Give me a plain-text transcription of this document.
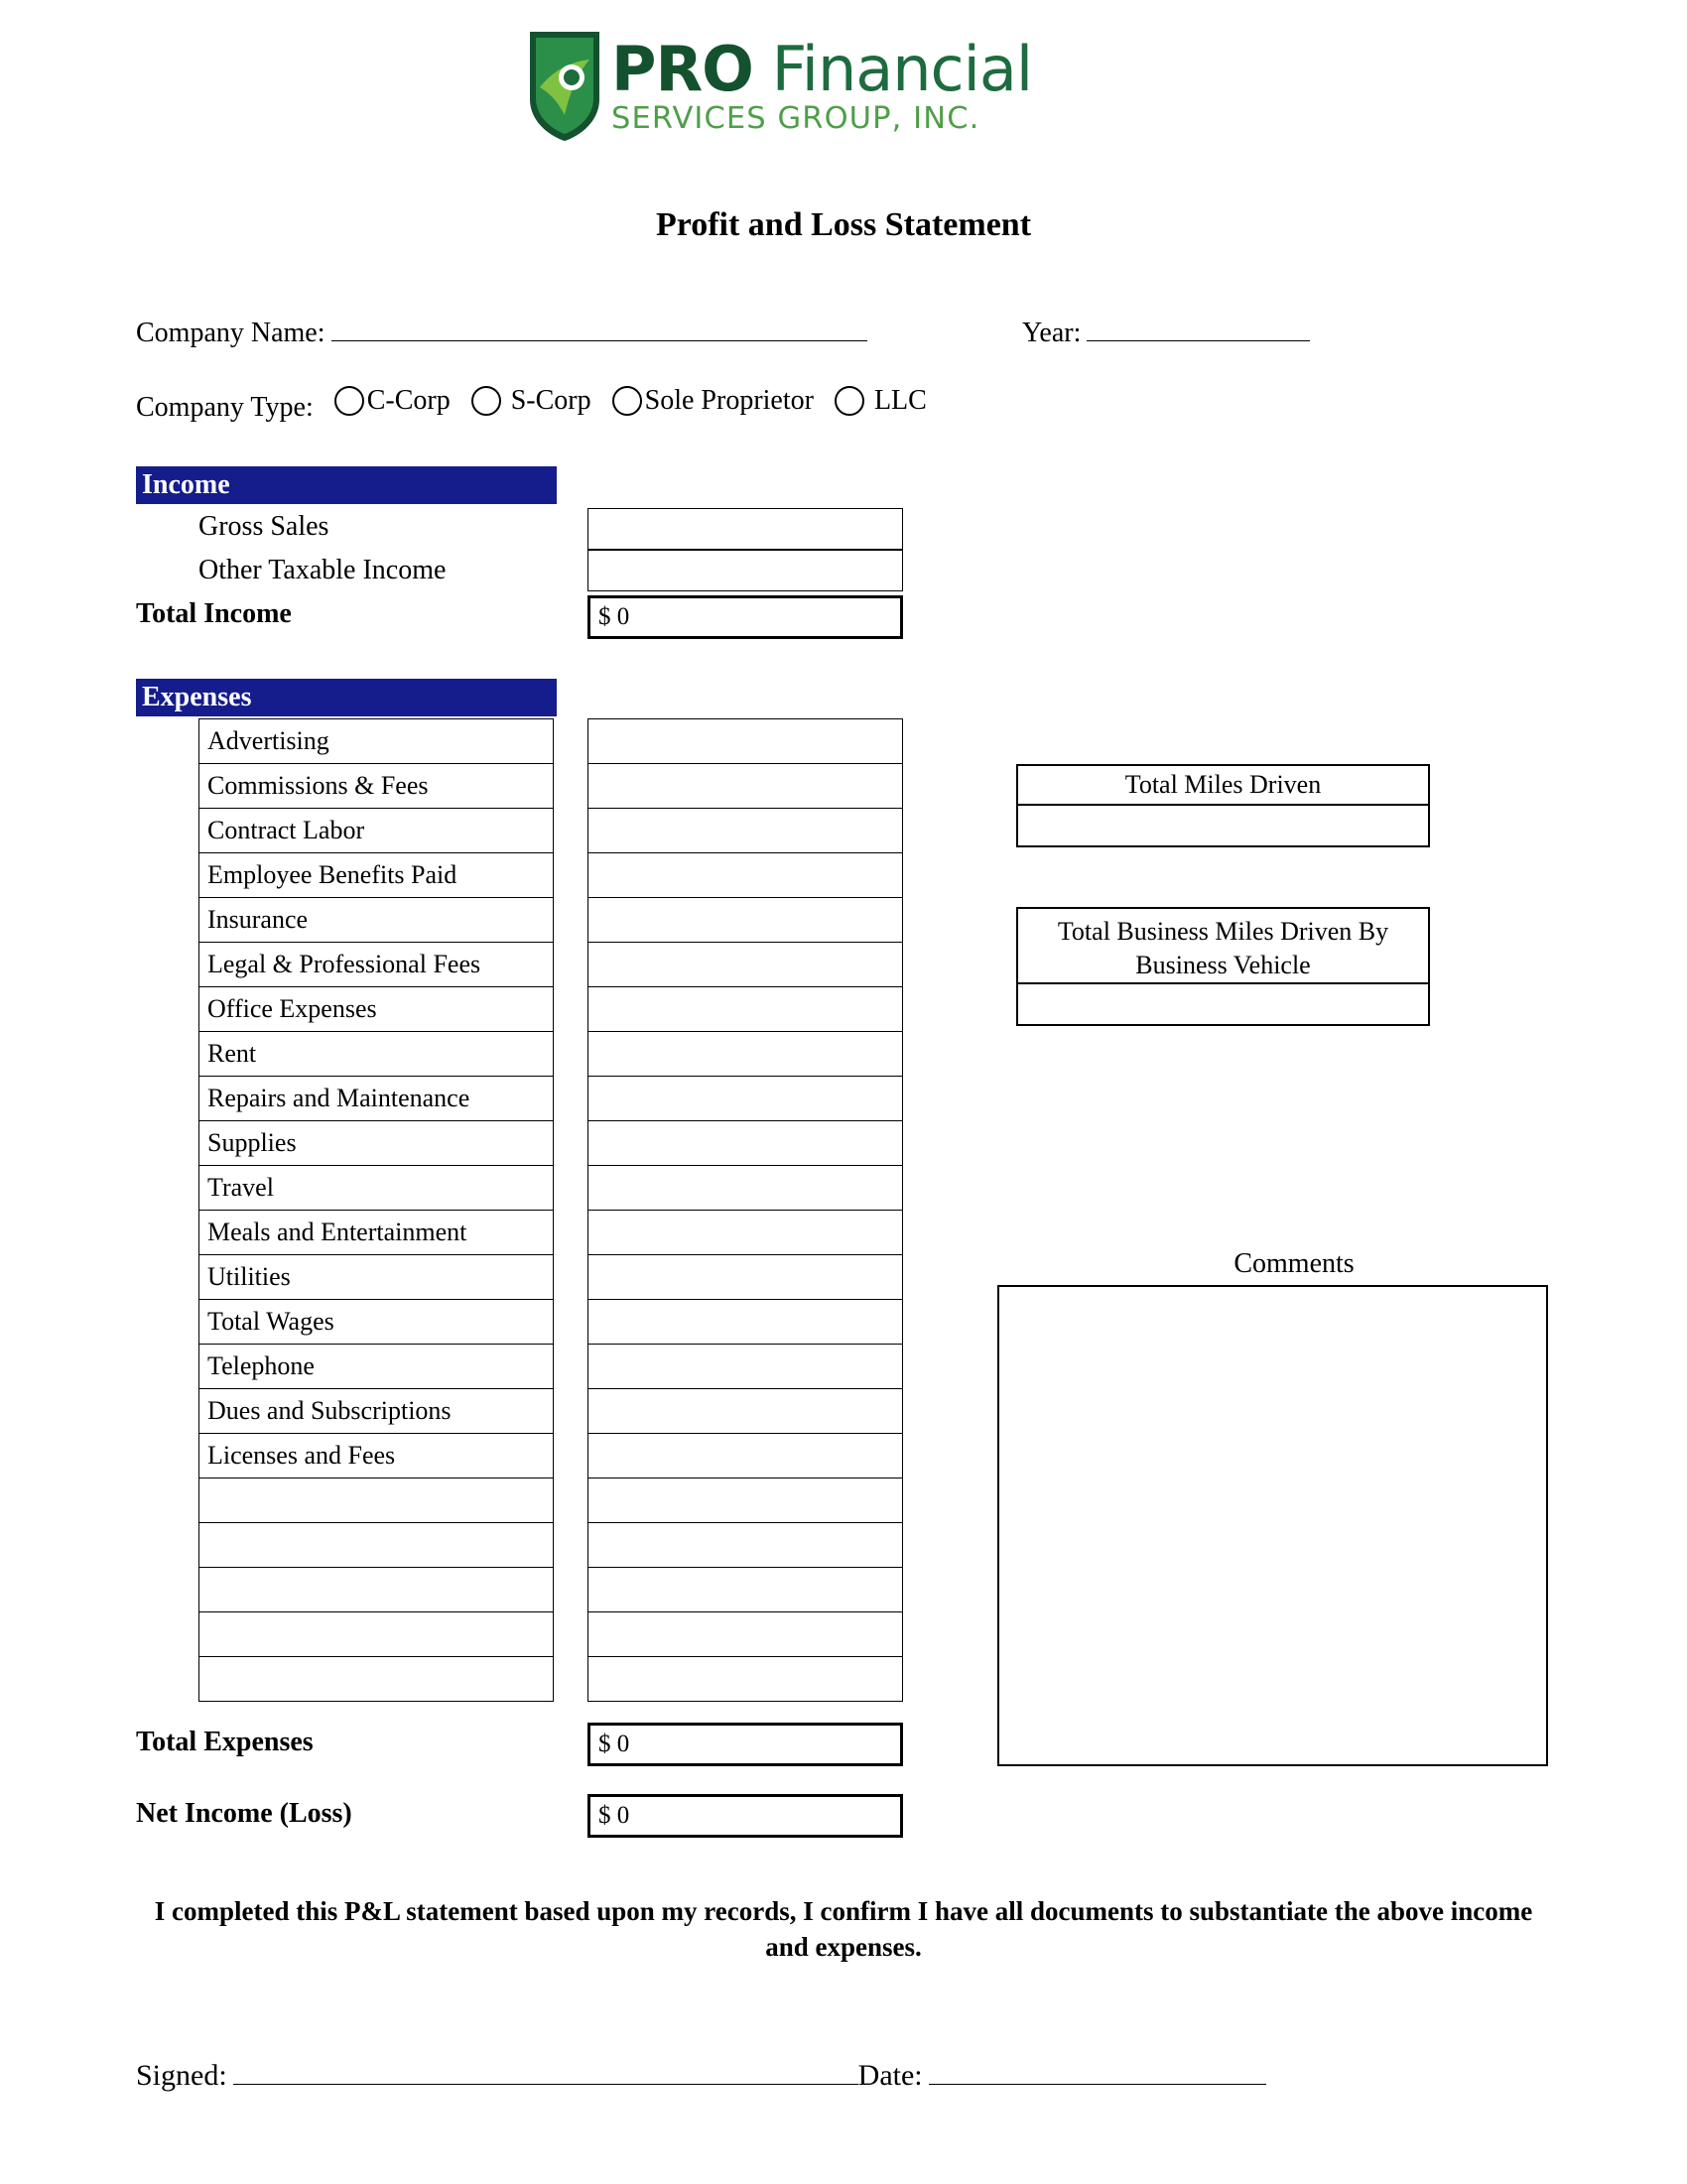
PRO Financial
SERVICES GROUP, INC.
Profit and Loss Statement
Company Name:	Year:
Company Type: C-Corp
S-Corp
Sole Proprietor
LLC
Income
Gross Sales
Other Taxable Income
Total Income	$ 0
Expenses
Advertising
Commissions & Fees
Contract Labor
Employee Benefits Paid
Insurance
Legal & Professional Fees
Office Expenses
Rent
Repairs and Maintenance
Supplies
Travel
Meals and Entertainment
Utilities
Total Wages
Telephone
Dues and Subscriptions
Licenses and Fees

Total Expenses	$ 0
Net Income (Loss)	$ 0
Total Miles Driven
Total Business Miles Driven By Business Vehicle
Comments
I completed this P&L statement based upon my records, I confirm I have all documents to substantiate the above income and expenses.
Signed:	Date:
